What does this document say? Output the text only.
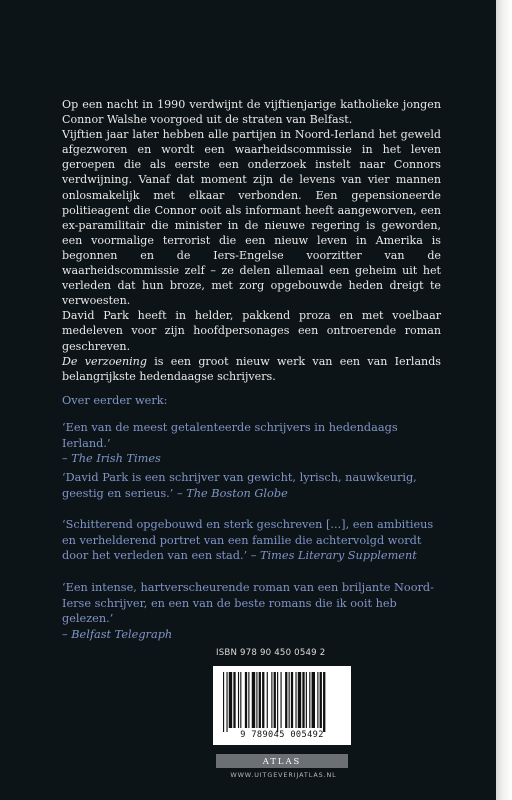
Op een nacht in 1990 verdwijnt de vijftienjarige katholieke jongen Connor Walshe voorgoed uit de straten van Belfast.

Vijftien jaar later hebben alle partijen in Noord-Ierland het geweld afgezworen en wordt een waarheidscommissie in het leven geroepen die als eerste een onderzoek instelt naar Connors verdwijning. Vanaf dat moment zijn de levens van vier mannen onlosmakelijk met elkaar verbonden. Een gepensioneerde politieagent die Connor ooit als informant heeft aangeworven, een ex-paramilitair die minister in de nieuwe regering is geworden, een voormalige terrorist die een nieuw leven in Amerika is begonnen en de Iers-Engelse voorzitter van de waarheidscommissie zelf – ze delen allemaal een geheim uit het verleden dat hun broze, met zorg opgebouwde heden dreigt te verwoesten.

David Park heeft in helder, pakkend proza en met voelbaar medeleven voor zijn hoofdpersonages een ontroerende roman geschreven.

De verzoening is een groot nieuw werk van een van Ierlands belangrijkste hedendaagse schrijvers.

Over eerder werk:

‘Een van de meest getalenteerde schrijvers in hedendaags Ierland.’
– The Irish Times

‘David Park is een schrijver van gewicht, lyrisch, nauwkeurig, geestig en serieus.’ – The Boston Globe

‘Schitterend opgebouwd en sterk geschreven [...], een ambitieus en verhelderend portret van een familie die achtervolgd wordt door het verleden van een stad.’ – Times Literary Supplement

‘Een intense, hartverscheurende roman van een briljante Noord-Ierse schrijver, en een van de beste romans die ik ooit heb gelezen.’
– Belfast Telegraph

ISBN 978 90 450 0549 2
9 789045 005492
ATLAS
WWW.UITGEVERIJATLAS.NL
